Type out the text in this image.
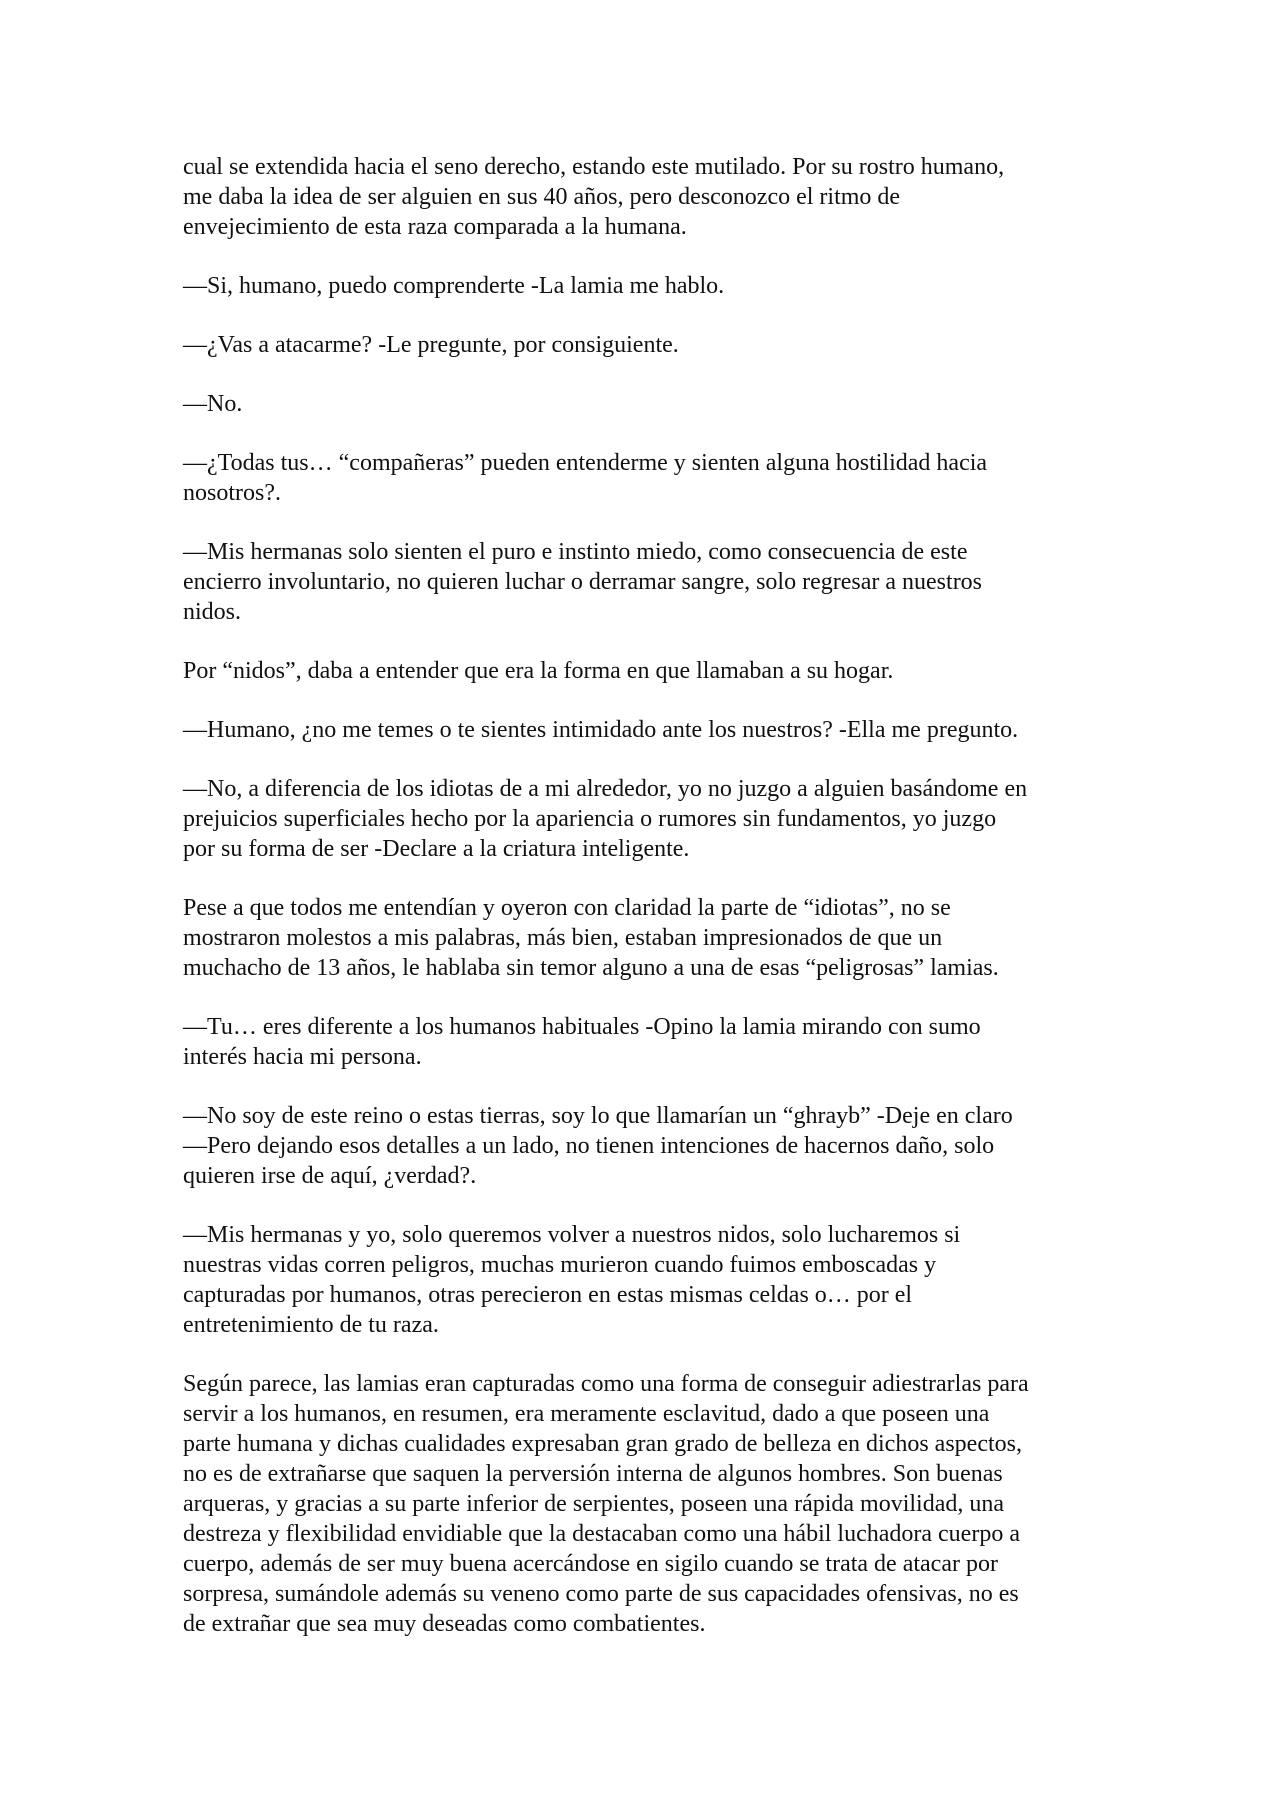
cual se extendida hacia el seno derecho, estando este mutilado. Por su rostro humano,
me daba la idea de ser alguien en sus 40 años, pero desconozco el ritmo de
envejecimiento de esta raza comparada a la humana.

—Si, humano, puedo comprenderte -La lamia me hablo.

—¿Vas a atacarme? -Le pregunte, por consiguiente.

—No.

—¿Todas tus… “compañeras” pueden entenderme y sienten alguna hostilidad hacia
nosotros?.

—Mis hermanas solo sienten el puro e instinto miedo, como consecuencia de este
encierro involuntario, no quieren luchar o derramar sangre, solo regresar a nuestros
nidos.

Por “nidos”, daba a entender que era la forma en que llamaban a su hogar.

—Humano, ¿no me temes o te sientes intimidado ante los nuestros? -Ella me pregunto.

—No, a diferencia de los idiotas de a mi alrededor, yo no juzgo a alguien basándome en
prejuicios superficiales hecho por la apariencia o rumores sin fundamentos, yo juzgo
por su forma de ser -Declare a la criatura inteligente.

Pese a que todos me entendían y oyeron con claridad la parte de “idiotas”, no se
mostraron molestos a mis palabras, más bien, estaban impresionados de que un
muchacho de 13 años, le hablaba sin temor alguno a una de esas “peligrosas” lamias.

—Tu… eres diferente a los humanos habituales -Opino la lamia mirando con sumo
interés hacia mi persona.

—No soy de este reino o estas tierras, soy lo que llamarían un “ghrayb” -Deje en claro
—Pero dejando esos detalles a un lado, no tienen intenciones de hacernos daño, solo
quieren irse de aquí, ¿verdad?.

—Mis hermanas y yo, solo queremos volver a nuestros nidos, solo lucharemos si
nuestras vidas corren peligros, muchas murieron cuando fuimos emboscadas y
capturadas por humanos, otras perecieron en estas mismas celdas o… por el
entretenimiento de tu raza.

Según parece, las lamias eran capturadas como una forma de conseguir adiestrarlas para
servir a los humanos, en resumen, era meramente esclavitud, dado a que poseen una
parte humana y dichas cualidades expresaban gran grado de belleza en dichos aspectos,
no es de extrañarse que saquen la perversión interna de algunos hombres. Son buenas
arqueras, y gracias a su parte inferior de serpientes, poseen una rápida movilidad, una
destreza y flexibilidad envidiable que la destacaban como una hábil luchadora cuerpo a
cuerpo, además de ser muy buena acercándose en sigilo cuando se trata de atacar por
sorpresa, sumándole además su veneno como parte de sus capacidades ofensivas, no es
de extrañar que sea muy deseadas como combatientes.
